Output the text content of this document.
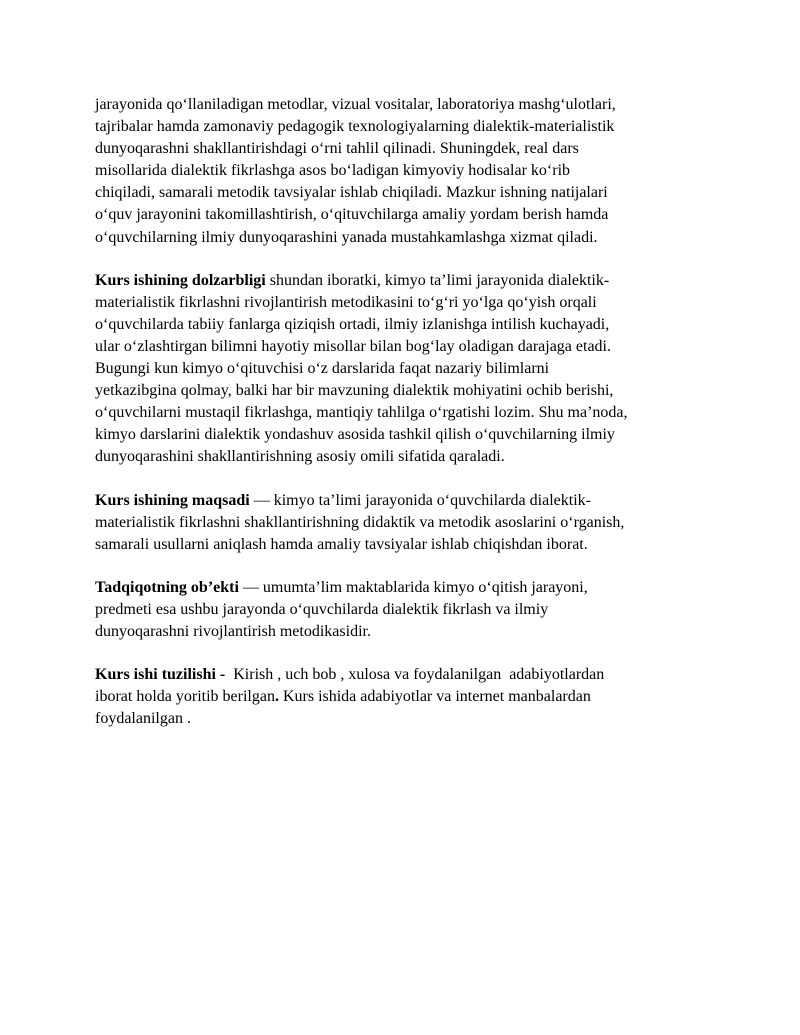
jarayonida qo‘llaniladigan metodlar, vizual vositalar, laboratoriya mashg‘ulotlari,
tajribalar hamda zamonaviy pedagogik texnologiyalarning dialektik-materialistik
dunyoqarashni shakllantirishdagi o‘rni tahlil qilinadi. Shuningdek, real dars
misollarida dialektik fikrlashga asos bo‘ladigan kimyoviy hodisalar ko‘rib
chiqiladi, samarali metodik tavsiyalar ishlab chiqiladi. Mazkur ishning natijalari
o‘quv jarayonini takomillashtirish, o‘qituvchilarga amaliy yordam berish hamda
o‘quvchilarning ilmiy dunyoqarashini yanada mustahkamlashga xizmat qiladi.

Kurs ishining dolzarbligi shundan iboratki, kimyo ta’limi jarayonida dialektik-
materialistik fikrlashni rivojlantirish metodikasini to‘g‘ri yo‘lga qo‘yish orqali
o‘quvchilarda tabiiy fanlarga qiziqish ortadi, ilmiy izlanishga intilish kuchayadi,
ular o‘zlashtirgan bilimni hayotiy misollar bilan bog‘lay oladigan darajaga etadi.
Bugungi kun kimyo o‘qituvchisi o‘z darslarida faqat nazariy bilimlarni
yetkazibgina qolmay, balki har bir mavzuning dialektik mohiyatini ochib berishi,
o‘quvchilarni mustaqil fikrlashga, mantiqiy tahlilga o‘rgatishi lozim. Shu ma’noda,
kimyo darslarini dialektik yondashuv asosida tashkil qilish o‘quvchilarning ilmiy
dunyoqarashini shakllantirishning asosiy omili sifatida qaraladi.

Kurs ishining maqsadi — kimyo ta’limi jarayonida o‘quvchilarda dialektik-
materialistik fikrlashni shakllantirishning didaktik va metodik asoslarini o‘rganish,
samarali usullarni aniqlash hamda amaliy tavsiyalar ishlab chiqishdan iborat.

Tadqiqotning ob’ekti — umumta’lim maktablarida kimyo o‘qitish jarayoni,
predmeti esa ushbu jarayonda o‘quvchilarda dialektik fikrlash va ilmiy
dunyoqarashni rivojlantirish metodikasidir.

Kurs ishi tuzilishi -  Kirish , uch bob , xulosa va foydalanilgan  adabiyotlardan
iborat holda yoritib berilgan. Kurs ishida adabiyotlar va internet manbalardan
foydalanilgan .
